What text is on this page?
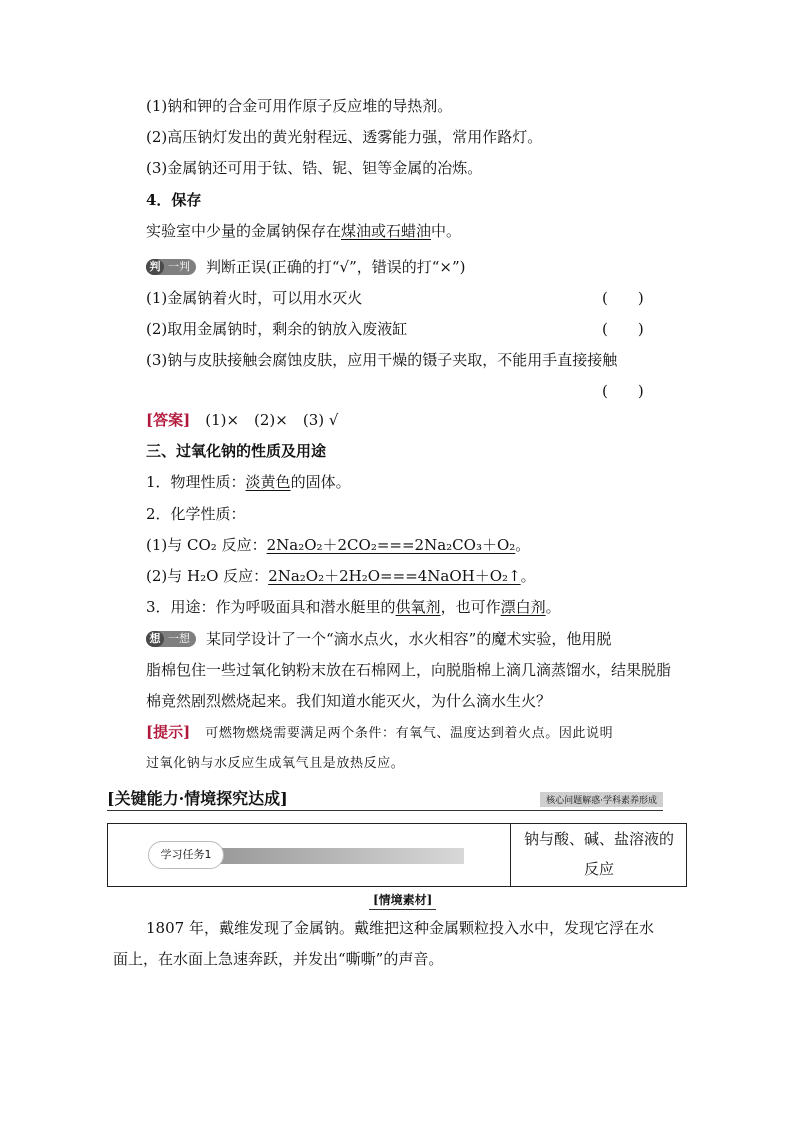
(1)钠和钾的合金可用作原子反应堆的导热剂。
(2)高压钠灯发出的黄光射程远、透雾能力强，常用作路灯。
(3)金属钠还可用于钛、锆、铌、钽等金属的冶炼。
4．保存
实验室中少量的金属钠保存在煤油或石蜡油中。
判 一判 判断正误(正确的打“√”，错误的打“×”)
(1)金属钠着火时，可以用水灭火	(　　)
(2)取用金属钠时，剩余的钠放入废液缸	(　　)
(3)钠与皮肤接触会腐蚀皮肤，应用干燥的镊子夹取，不能用手直接接触
(　　)
[答案]　 (1)×　(2)×　(3) √
三、过氧化钠的性质及用途
1．物理性质：淡黄色的固体。
2．化学性质：
(1)与 CO₂ 反应：2Na₂O₂＋2CO₂===2Na₂CO₃＋O₂。
(2)与 H₂O 反应：2Na₂O₂＋2H₂O===4NaOH＋O₂↑。
3．用途：作为呼吸面具和潜水艇里的供氧剂，也可作漂白剂。
想 一想 某同学设计了一个“滴水点火，水火相容”的魔术实验，他用脱
脂棉包住一些过氧化钠粉末放在石棉网上，向脱脂棉上滴几滴蒸馏水，结果脱脂
棉竟然剧烈燃烧起来。我们知道水能灭火，为什么滴水生火？
[提示]　 可燃物燃烧需要满足两个条件：有氧气、温度达到着火点。因此说明
过氧化钠与水反应生成氧气且是放热反应。
[关键能力·情境探究达成]	核心问题解惑·学科素养形成
学习任务1
钠与酸、碱、盐溶液的
反应
[情境素材]
1807 年，戴维发现了金属钠。戴维把这种金属颗粒投入水中，发现它浮在水
面上，在水面上急速奔跃，并发出“嘶嘶”的声音。
